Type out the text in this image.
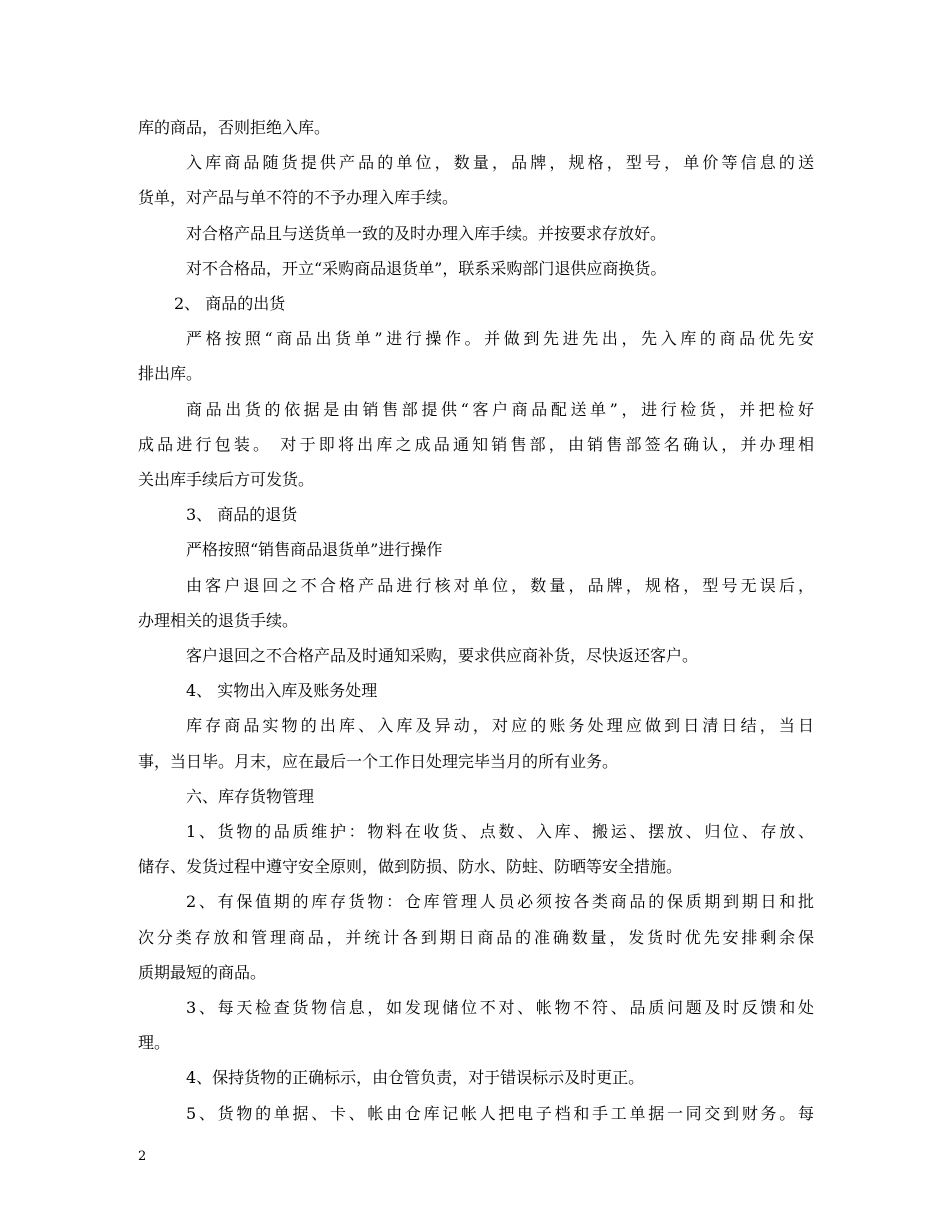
库的商品，否则拒绝入库。
入库商品随货提供产品的单位，数量，品牌，规格，型号，单价等信息的送
货单，对产品与单不符的不予办理入库手续。
对合格产品且与送货单一致的及时办理入库手续。并按要求存放好。
对不合格品，开立“采购商品退货单”，联系采购部门退供应商换货。
2、 商品的出货
严格按照“商品出货单”进行操作。并做到先进先出，先入库的商品优先安
排出库。
商品出货的依据是由销售部提供“客户商品配送单”，进行检货，并把检好
成品进行包装。 对于即将出库之成品通知销售部，由销售部签名确认，并办理相
关出库手续后方可发货。
3、 商品的退货
严格按照“销售商品退货单”进行操作
由客户退回之不合格产品进行核对单位，数量，品牌，规格，型号无误后，
办理相关的退货手续。
客户退回之不合格产品及时通知采购，要求供应商补货，尽快返还客户。
4、 实物出入库及账务处理
库存商品实物的出库、入库及异动，对应的账务处理应做到日清日结，当日
事，当日毕。月末，应在最后一个工作日处理完毕当月的所有业务。
六、库存货物管理
1、货物的品质维护：物料在收货、点数、入库、搬运、摆放、归位、存放、
储存、发货过程中遵守安全原则，做到防损、防水、防蛀、防晒等安全措施。
2、有保值期的库存货物：仓库管理人员必须按各类商品的保质期到期日和批
次分类存放和管理商品，并统计各到期日商品的准确数量，发货时优先安排剩余保
质期最短的商品。
3、每天检查货物信息，如发现储位不对、帐物不符、品质问题及时反馈和处
理。
4、保持货物的正确标示，由仓管负责，对于错误标示及时更正。
5、货物的单据、卡、帐由仓库记帐人把电子档和手工单据一同交到财务。每
2
